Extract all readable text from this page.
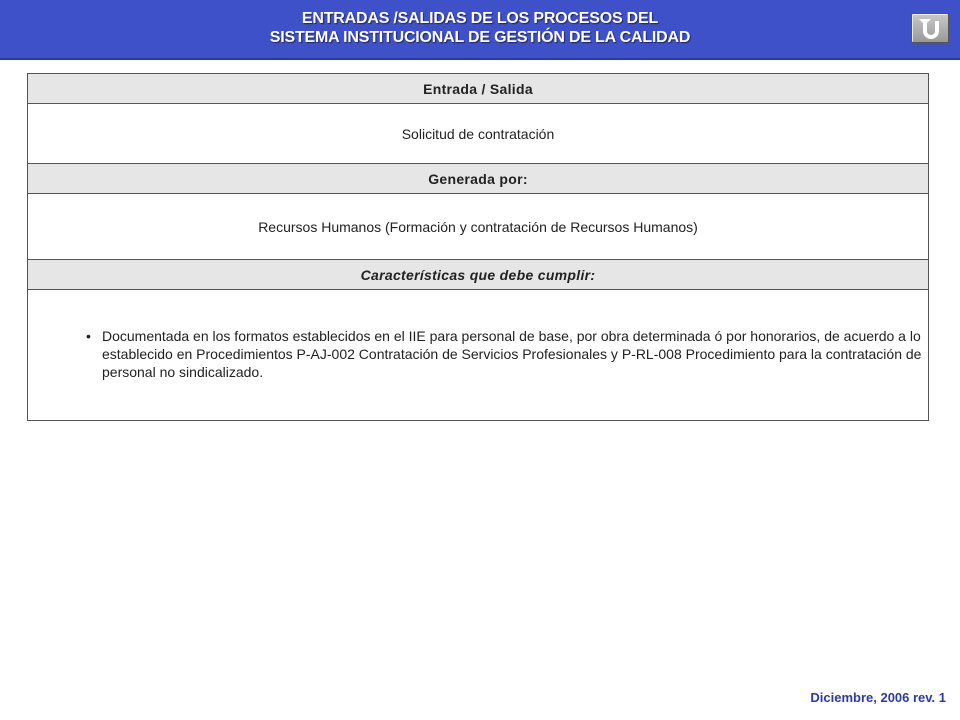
ENTRADAS /SALIDAS DE LOS PROCESOS DEL
SISTEMA INSTITUCIONAL DE GESTIÓN DE LA CALIDAD
Entrada / Salida
Solicitud de contratación
Generada por:
Recursos Humanos (Formación y contratación de Recursos Humanos)
Características que debe cumplir:
• Documentada en los formatos establecidos en el IIE para personal de base, por obra determinada ó por honorarios, de acuerdo a lo establecido en Procedimientos P-AJ-002 Contratación de Servicios Profesionales y P-RL-008 Procedimiento para la contratación de personal no sindicalizado.
Diciembre, 2006 rev. 1
